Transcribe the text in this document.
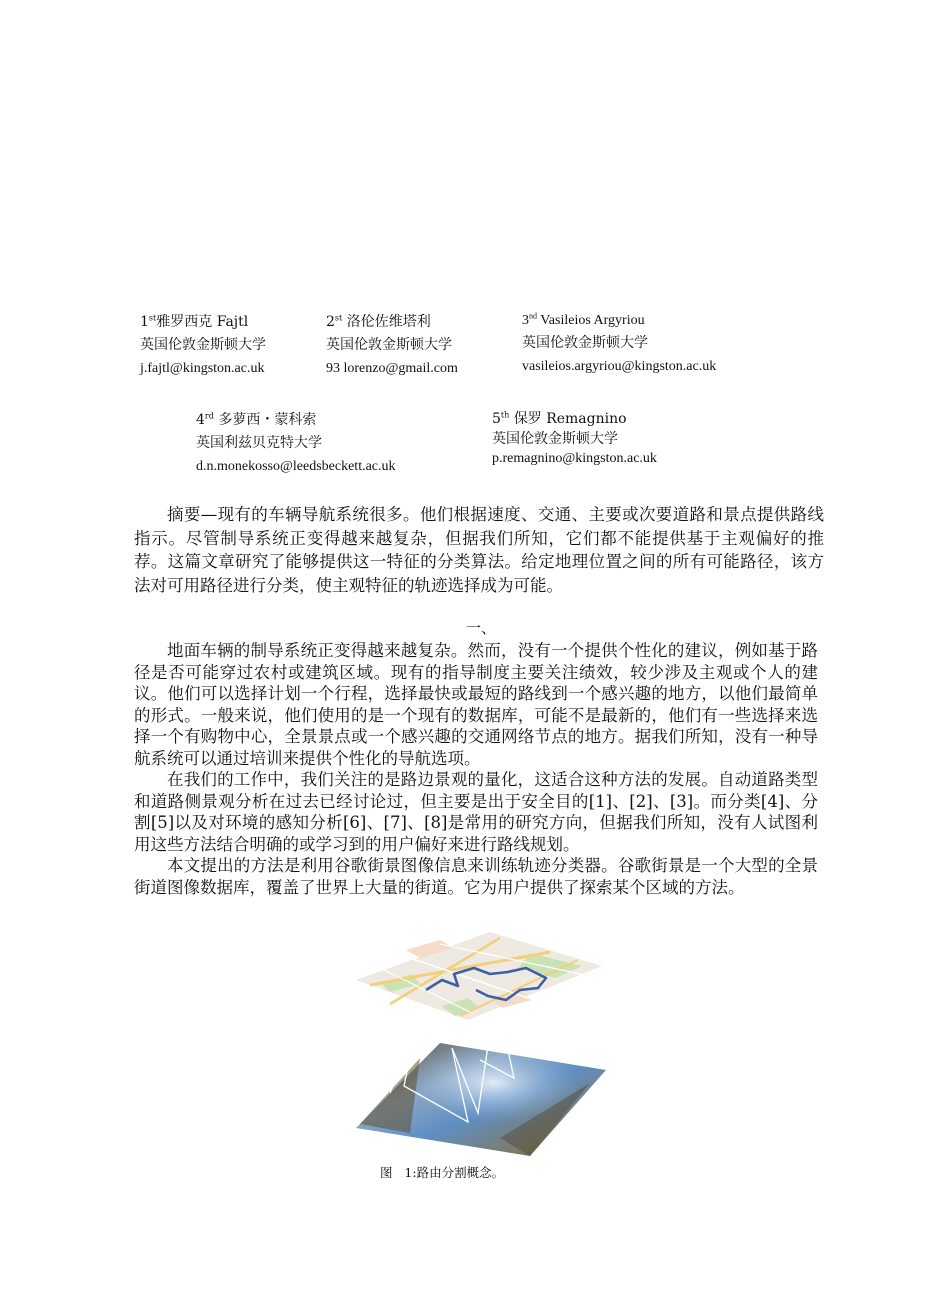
1st雅罗西克 Fajtl
英国伦敦金斯顿大学
j.fajtl@kingston.ac.uk
2st 洛伦佐维塔利
英国伦敦金斯顿大学
93 lorenzo@gmail.com
3nd Vasileios Argyriou
英国伦敦金斯顿大学
vasileios.argyriou@kingston.ac.uk
4rd 多萝西・蒙科索
英国利兹贝克特大学
d.n.monekosso@leedsbeckett.ac.uk
5th 保罗 Remagnino
英国伦敦金斯顿大学
p.remagnino@kingston.ac.uk

摘要—现有的车辆导航系统很多。他们根据速度、交通、主要或次要道路和景点提供路线指示。尽管制导系统正变得越来越复杂，但据我们所知，它们都不能提供基于主观偏好的推荐。这篇文章研究了能够提供这一特征的分类算法。给定地理位置之间的所有可能路径，该方法对可用路径进行分类，使主观特征的轨迹选择成为可能。

一、

地面车辆的制导系统正变得越来越复杂。然而，没有一个提供个性化的建议，例如基于路径是否可能穿过农村或建筑区域。现有的指导制度主要关注绩效，较少涉及主观或个人的建议。他们可以选择计划一个行程，选择最快或最短的路线到一个感兴趣的地方，以他们最简单的形式。一般来说，他们使用的是一个现有的数据库，可能不是最新的，他们有一些选择来选择一个有购物中心，全景景点或一个感兴趣的交通网络节点的地方。据我们所知，没有一种导航系统可以通过培训来提供个性化的导航选项。

在我们的工作中，我们关注的是路边景观的量化，这适合这种方法的发展。自动道路类型和道路侧景观分析在过去已经讨论过，但主要是出于安全目的[1]、[2]、[3]。而分类[4]、分割[5]以及对环境的感知分析[6]、[7]、[8]是常用的研究方向，但据我们所知，没有人试图利用这些方法结合明确的或学习到的用户偏好来进行路线规划。

本文提出的方法是利用谷歌街景图像信息来训练轨迹分类器。谷歌街景是一个大型的全景街道图像数据库，覆盖了世界上大量的街道。它为用户提供了探索某个区域的方法。

图   1:路由分割概念。
